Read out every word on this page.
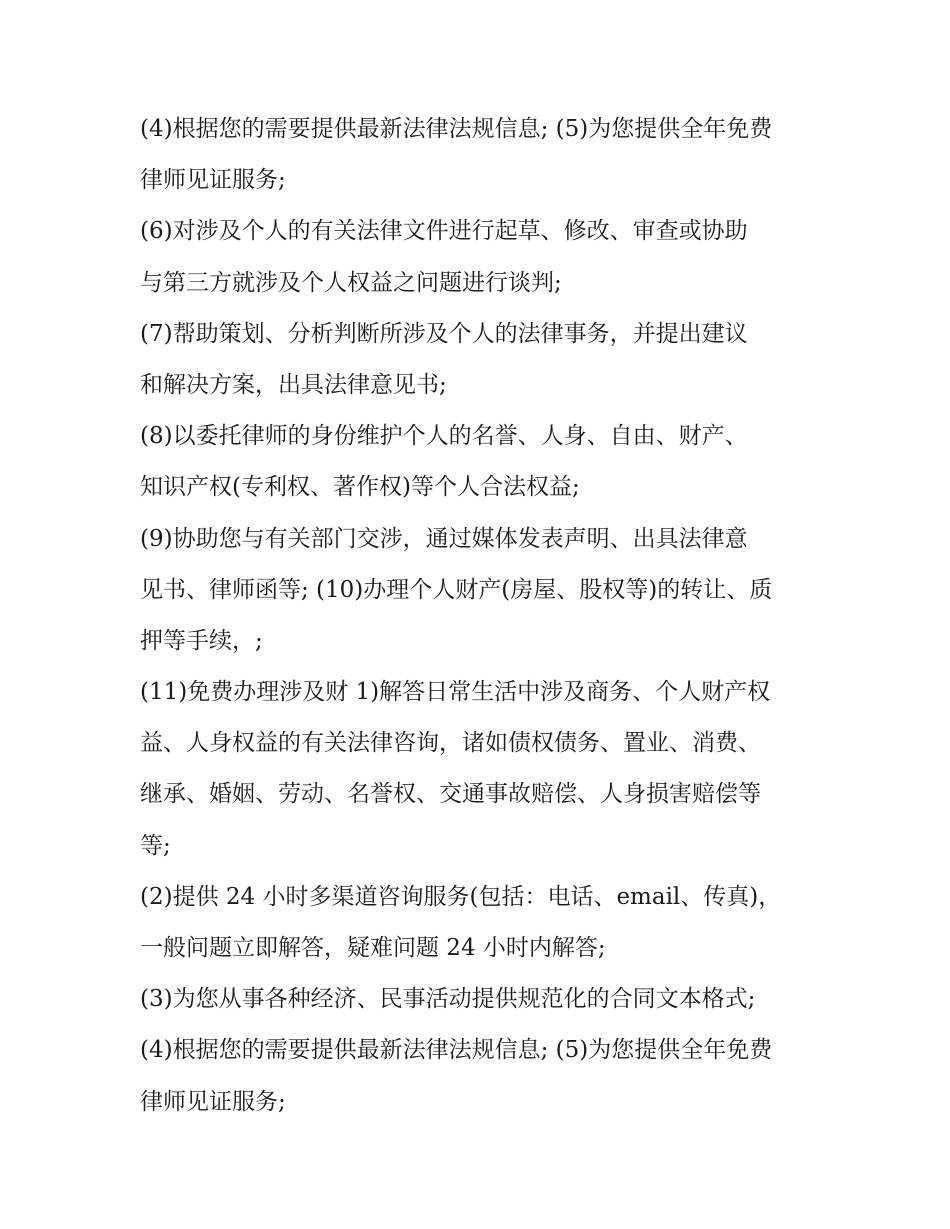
(4)根据您的需要提供最新法律法规信息; (5)为您提供全年免费
律师见证服务;
(6)对涉及个人的有关法律文件进行起草、修改、审查或协助
与第三方就涉及个人权益之问题进行谈判;
(7)帮助策划、分析判断所涉及个人的法律事务，并提出建议
和解决方案，出具法律意见书;
(8)以委托律师的身份维护个人的名誉、人身、自由、财产、
知识产权(专利权、著作权)等个人合法权益;
(9)协助您与有关部门交涉，通过媒体发表声明、出具法律意
见书、律师函等; (10)办理个人财产(房屋、股权等)的转让、质
押等手续，;
(11)免费办理涉及财 1)解答日常生活中涉及商务、个人财产权
益、人身权益的有关法律咨询，诸如债权债务、置业、消费、
继承、婚姻、劳动、名誉权、交通事故赔偿、人身损害赔偿等
等;
(2)提供 24 小时多渠道咨询服务(包括：电话、email、传真)，
一般问题立即解答，疑难问题 24 小时内解答;
(3)为您从事各种经济、民事活动提供规范化的合同文本格式;
(4)根据您的需要提供最新法律法规信息; (5)为您提供全年免费
律师见证服务;
